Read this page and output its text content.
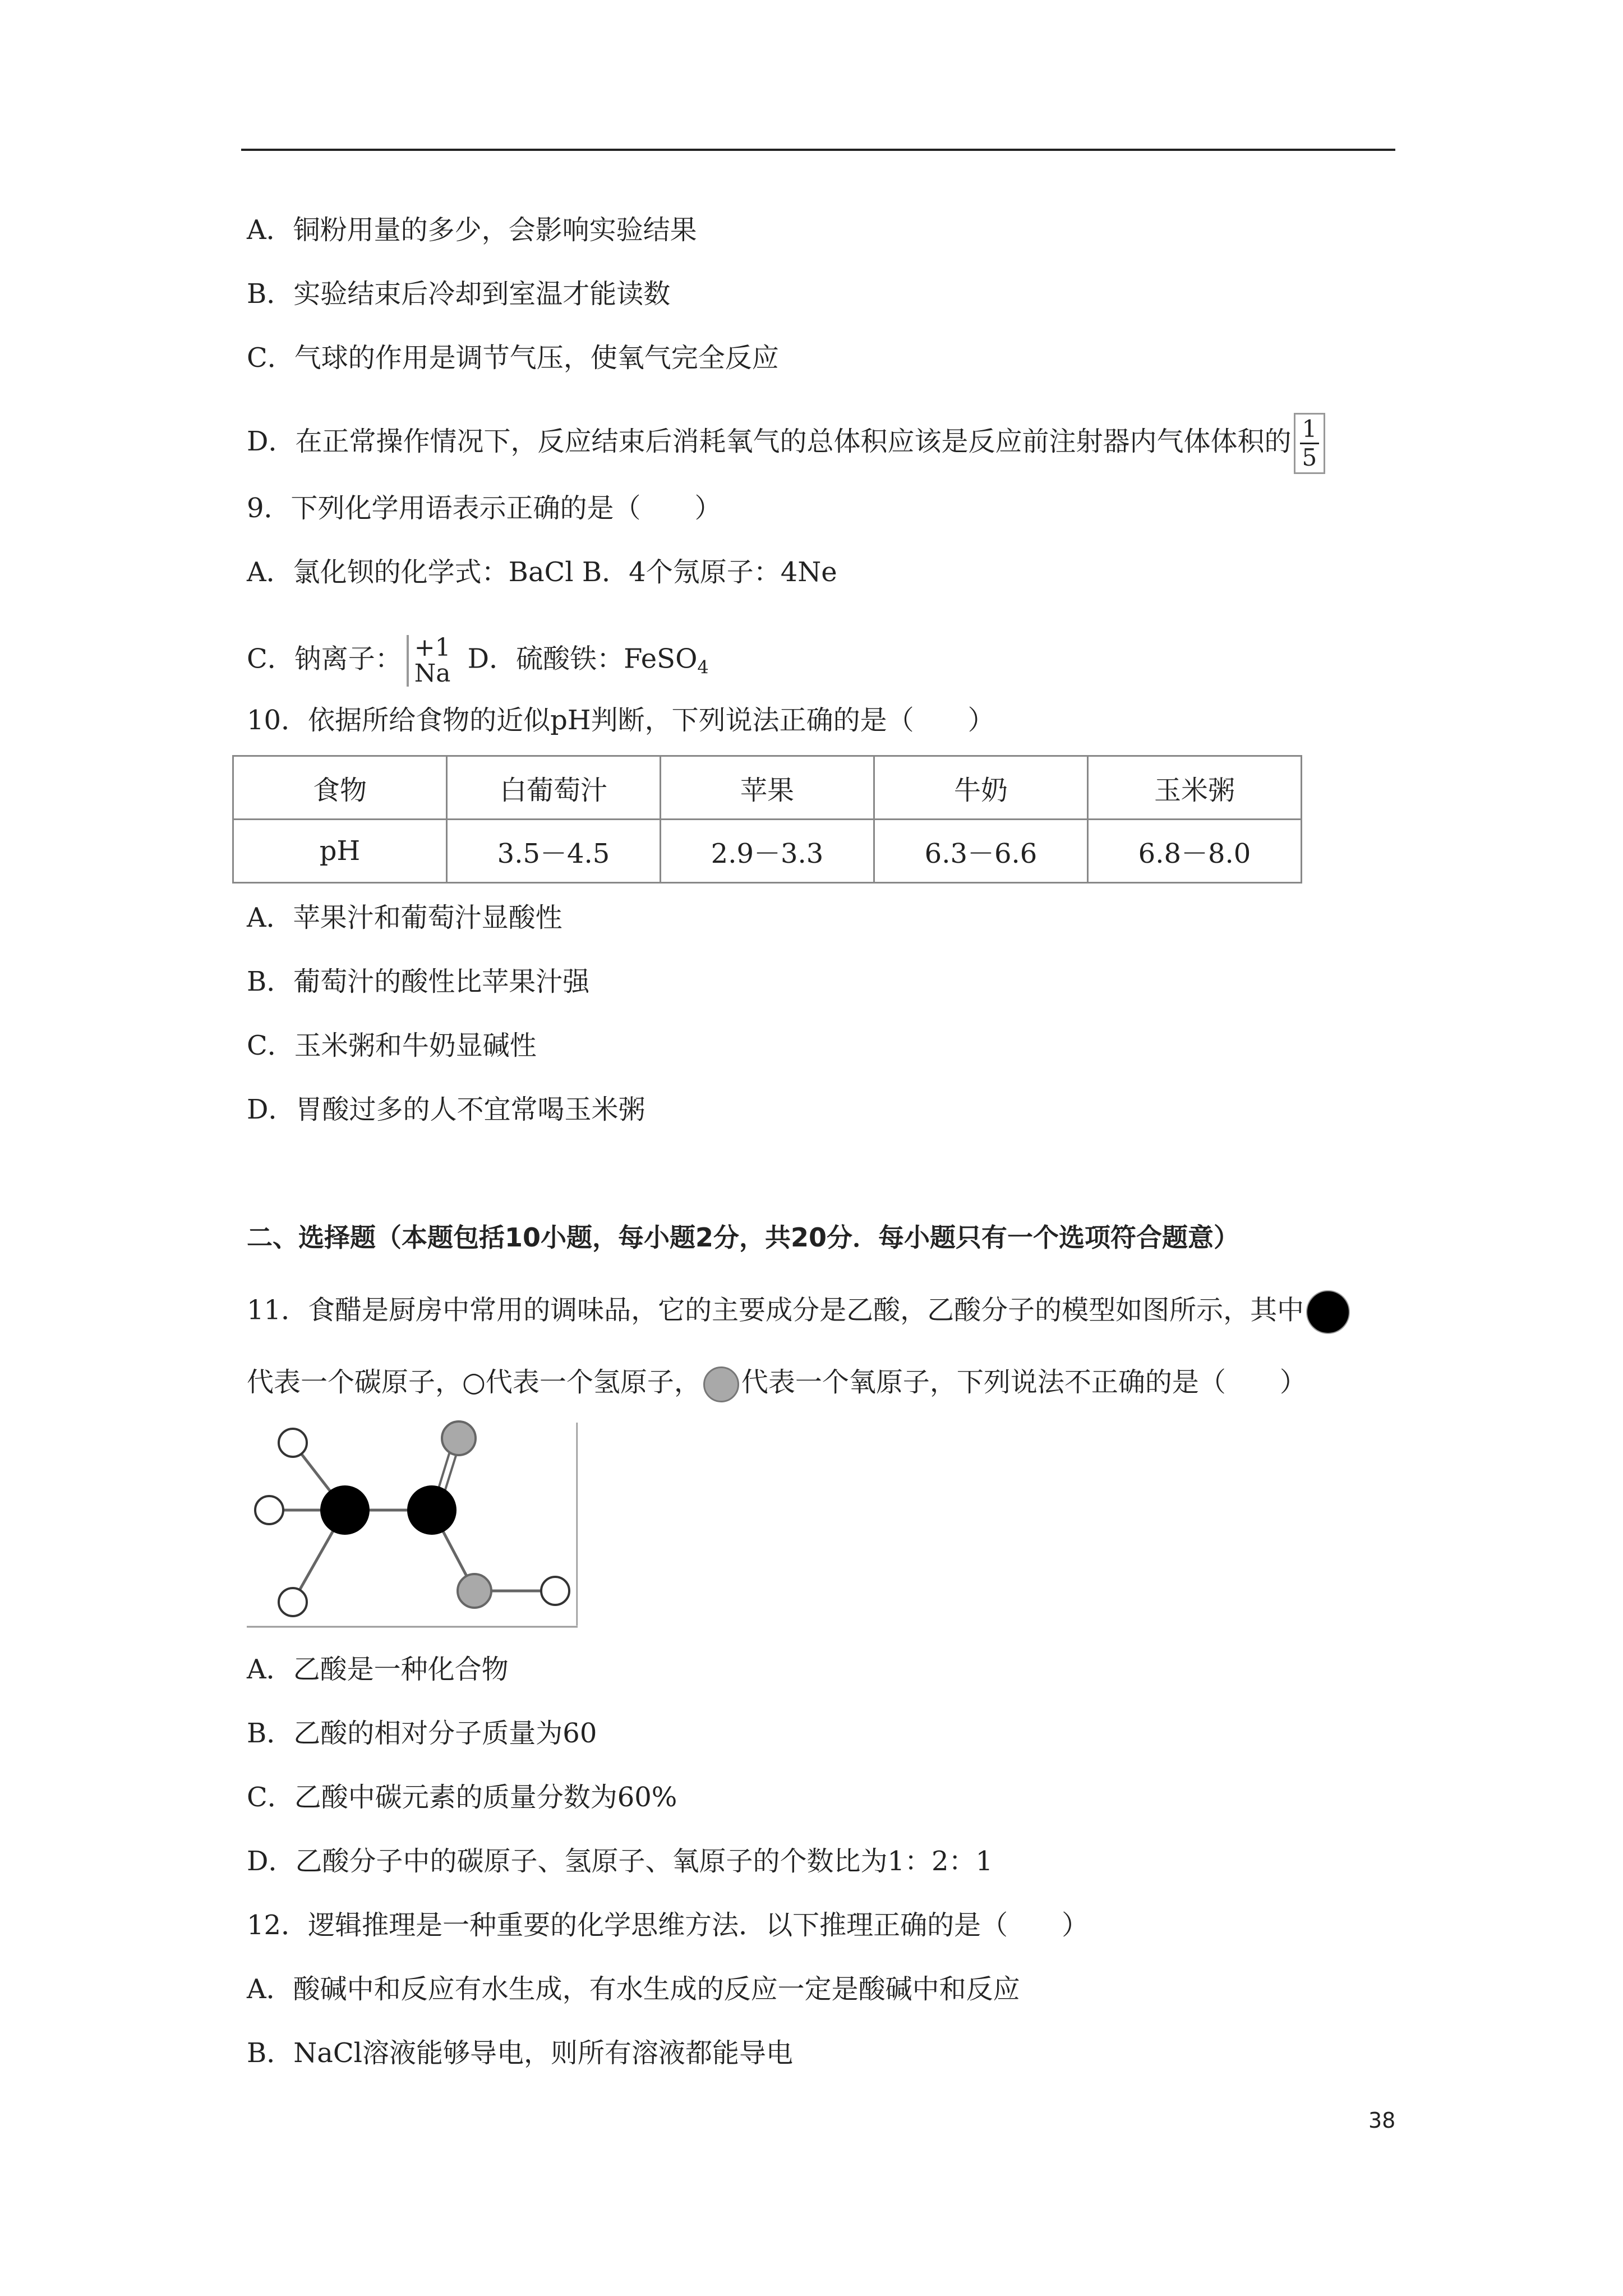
A．铜粉用量的多少，会影响实验结果
B．实验结束后冷却到室温才能读数
C．气球的作用是调节气压，使氧气完全反应
D．在正常操作情况下，反应结束后消耗氧气的总体积应该是反应前注射器内气体体积的 $\frac{1}{5}$
9．下列化学用语表示正确的是（　　）
A．氯化钡的化学式：BaCl B．4个氖原子：4Ne
C．钠离子： +1
Na D．硫酸铁：FeSO$_4$
10．依据所给食物的近似pH判断，下列说法正确的是（　　）
食物	白葡萄汁	苹果	牛奶	玉米粥
pH	3.5－4.5	2.9－3.3	6.3－6.6	6.8－8.0
A．苹果汁和葡萄汁显酸性
B．葡萄汁的酸性比苹果汁强
C．玉米粥和牛奶显碱性
D．胃酸过多的人不宜常喝玉米粥
二、选择题（本题包括10小题，每小题2分，共20分．每小题只有一个选项符合题意）
11．食醋是厨房中常用的调味品，它的主要成分是乙酸，乙酸分子的模型如图所示，其中
代表一个碳原子，○代表一个氢原子， 代表一个氧原子，下列说法不正确的是（　　）
A．乙酸是一种化合物
B．乙酸的相对分子质量为60
C．乙酸中碳元素的质量分数为60%
D．乙酸分子中的碳原子、氢原子、氧原子的个数比为1：2：1
12．逻辑推理是一种重要的化学思维方法．以下推理正确的是（　　）
A．酸碱中和反应有水生成，有水生成的反应一定是酸碱中和反应
B．NaCl溶液能够导电，则所有溶液都能导电
38
